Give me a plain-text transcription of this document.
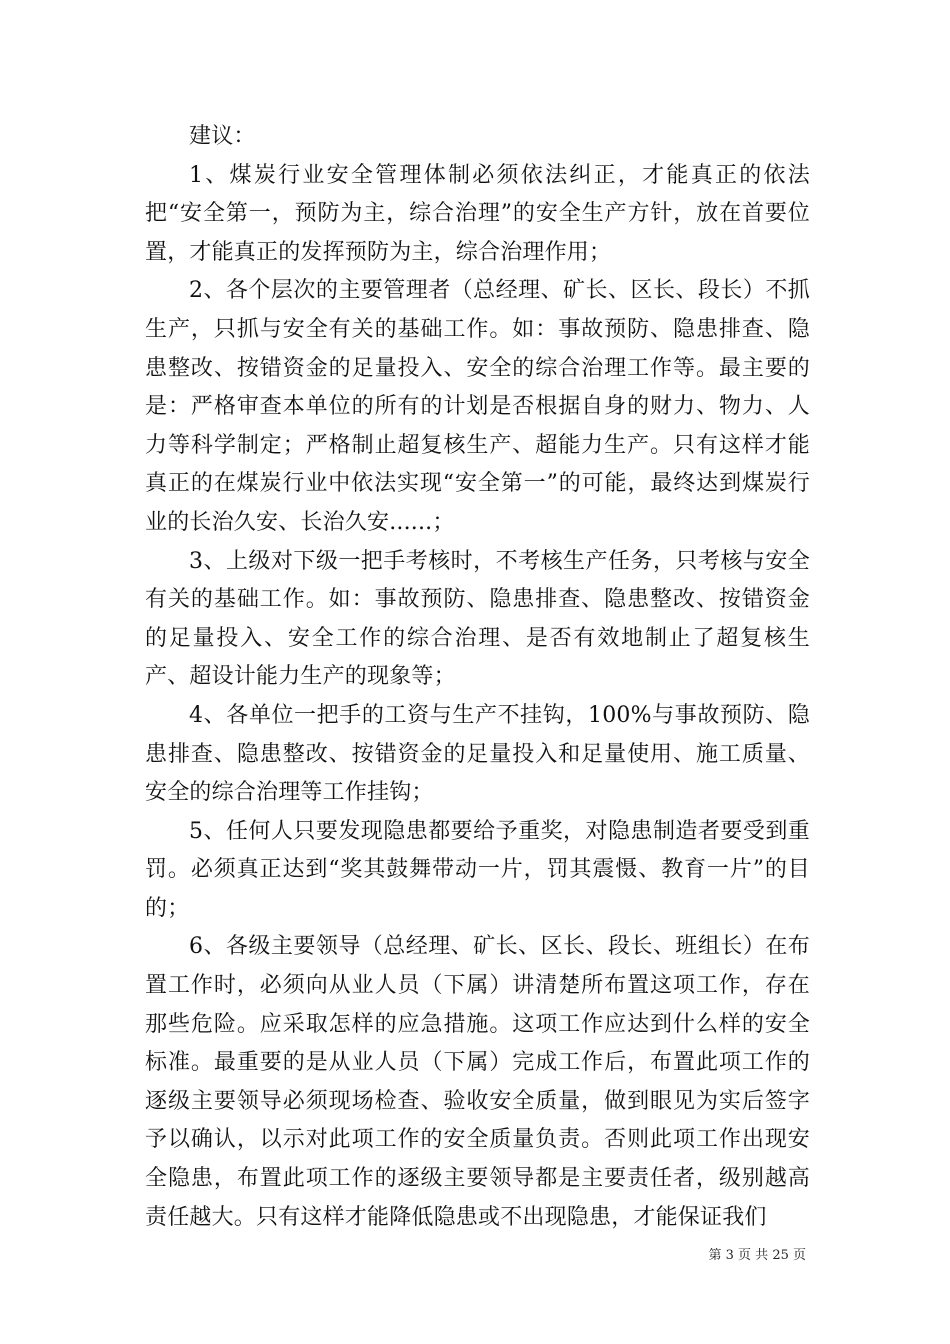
建议：

1、煤炭行业安全管理体制必须依法纠正，才能真正的依法把“安全第一，预防为主，综合治理”的安全生产方针，放在首要位置，才能真正的发挥预防为主，综合治理作用；

2、各个层次的主要管理者（总经理、矿长、区长、段长）不抓生产，只抓与安全有关的基础工作。如：事故预防、隐患排查、隐患整改、按错资金的足量投入、安全的综合治理工作等。最主要的是：严格审查本单位的所有的计划是否根据自身的财力、物力、人力等科学制定；严格制止超复核生产、超能力生产。只有这样才能真正的在煤炭行业中依法实现“安全第一”的可能，最终达到煤炭行业的长治久安、长治久安......；

3、上级对下级一把手考核时，不考核生产任务，只考核与安全有关的基础工作。如：事故预防、隐患排查、隐患整改、按错资金的足量投入、安全工作的综合治理、是否有效地制止了超复核生产、超设计能力生产的现象等；

4、各单位一把手的工资与生产不挂钩，100%与事故预防、隐患排查、隐患整改、按错资金的足量投入和足量使用、施工质量、安全的综合治理等工作挂钩；

5、任何人只要发现隐患都要给予重奖，对隐患制造者要受到重罚。必须真正达到“奖其鼓舞带动一片，罚其震慑、教育一片”的目的；

6、各级主要领导（总经理、矿长、区长、段长、班组长）在布置工作时，必须向从业人员（下属）讲清楚所布置这项工作，存在那些危险。应采取怎样的应急措施。这项工作应达到什么样的安全标准。最重要的是从业人员（下属）完成工作后，布置此项工作的逐级主要领导必须现场检查、验收安全质量，做到眼见为实后签字予以确认，以示对此项工作的安全质量负责。否则此项工作出现安全隐患，布置此项工作的逐级主要领导都是主要责任者，级别越高责任越大。只有这样才能降低隐患或不出现隐患，才能保证我们

第 3 页 共 25 页
